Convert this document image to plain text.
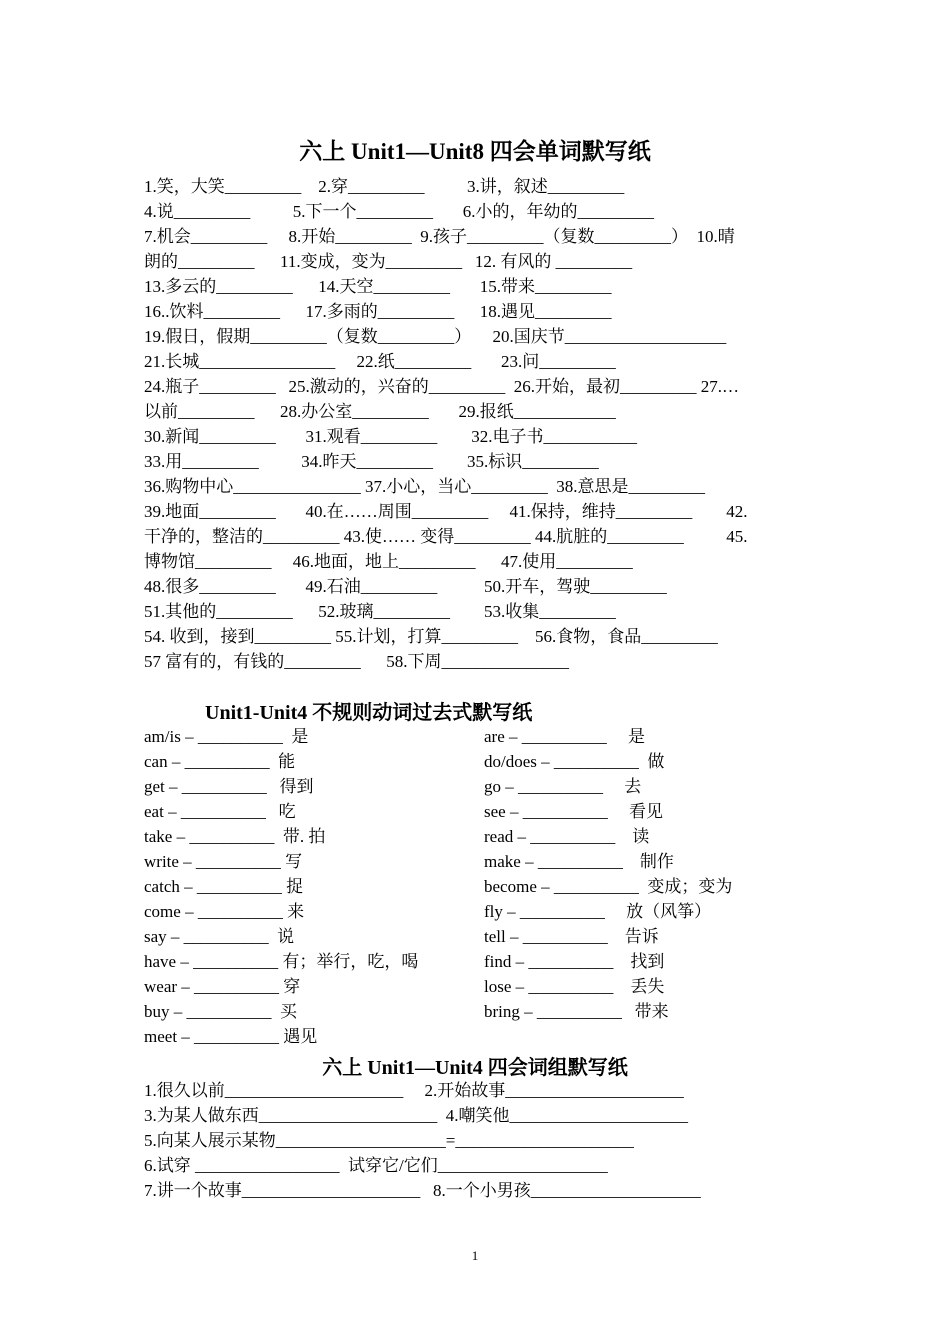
六上 Unit1—Unit8 四会单词默写纸
1.笑，大笑_________    2.穿_________          3.讲，叙述_________
4.说_________          5.下一个_________       6.小的，年幼的_________
7.机会_________     8.开始_________  9.孩子_________（复数_________）  10.晴
朗的_________      11.变成，变为_________   12. 有风的 _________
13.多云的_________      14.天空_________       15.带来_________
16..饮料_________      17.多雨的_________      18.遇见_________
19.假日，假期_________（复数_________）     20.国庆节___________________
21.长城________________     22.纸_________       23.问_________
24.瓶子_________   25.激动的，兴奋的_________  26.开始，最初_________ 27.…
以前_________      28.办公室_________       29.报纸____________
30.新闻_________       31.观看_________        32.电子书___________
33.用_________          34.昨天_________        35.标识_________
36.购物中心_______________ 37.小心，当心_________  38.意思是_________
39.地面_________       40.在……周围_________     41.保持，维持_________        42.
干净的，整洁的_________ 43.使…… 变得_________ 44.肮脏的_________          45.
博物馆_________     46.地面，地上_________      47.使用_________
48.很多_________       49.石油_________           50.开车，驾驶_________
51.其他的_________      52.玻璃_________        53.收集_________
54. 收到，接到_________ 55.计划，打算_________    56.食物，食品_________
57 富有的，有钱的_________      58.下周_______________
Unit1-Unit4 不规则动词过去式默写纸
am/is – __________  是
can – __________  能
get – __________   得到
eat – __________   吃
take – __________  带. 拍
write – __________ 写
catch – __________ 捉
come – __________ 来
say – __________  说
have – __________ 有；举行，吃，喝
wear – __________ 穿
buy – __________  买
meet – __________ 遇见
are – __________     是
do/does – __________  做
go – __________     去
see – __________     看见
read – __________    读
make – __________    制作
become – __________  变成；变为
fly – __________     放（风筝）
tell – __________    告诉
find – __________    找到
lose – __________    丢失
bring – __________   带来
六上 Unit1—Unit4 四会词组默写纸
1.很久以前_____________________     2.开始故事_____________________
3.为某人做东西_____________________  4.嘲笑他_____________________
5.向某人展示某物____________________=_____________________
6.试穿 _________________  试穿它/它们____________________
7.讲一个故事_____________________   8.一个小男孩____________________
1
